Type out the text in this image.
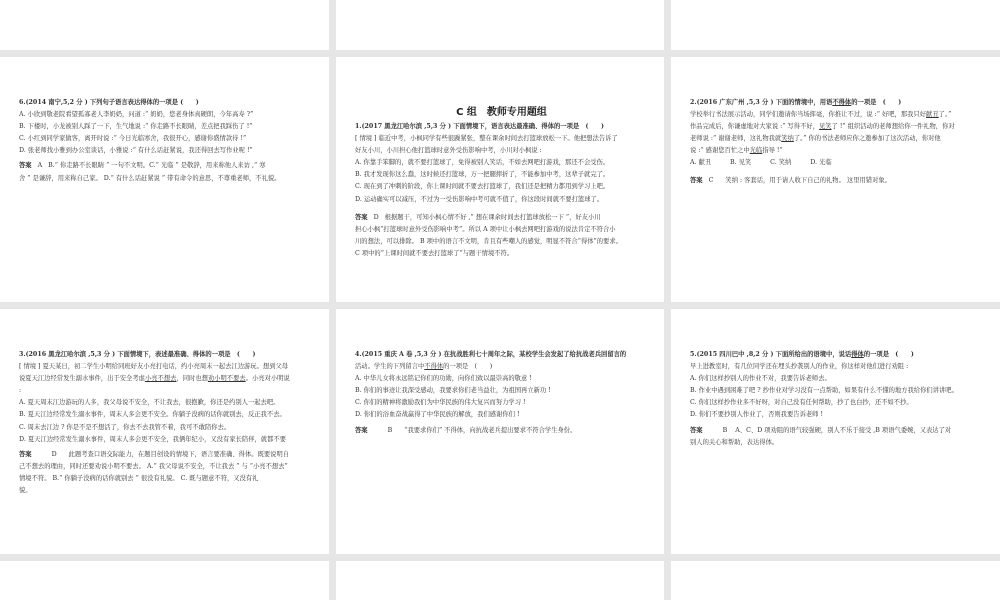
6.(2014 南宁,5,2 分 ) 下列句子语言表达得体的一项是 (　　)

A. 小欣到敬老院看望孤寡老人李奶奶，问道 :“ 奶奶，您老身体真硬朗，今年高寿 ?”

B. 下楼时，小龙被别人踩了一下，生气地说 :“ 你走路不长眼睛，差点把我踩伤了 !”

C. 小红到同学家做客，离开时说 :“ 今日光临寒舍，我很开心，感谢你盛情款待 !”

D. 张老师找小雅到办公室谈话，小雅说 :“ 有什么话赶紧说，我还得回去写作业呢 !”

答案 A B.“ 你走路不长眼睛 ” 一句不文明。C.“ 光临 ” 是敬辞，用来称他人来访 ,“ 寒

舍 ” 是谦辞，用来称自己家。 D.“ 有什么话赶紧说 ” 带有命令的意思，不尊重老师，不礼貌。

C 组　教师专用题组

1.(2017 黑龙江哈尔滨 ,5,3 分 ) 下面情境下，语言表达最准确、得体的一项是　(　　)

[ 情境 ] 临近中考，小枫同学有些很躁紧张，整在课余时间去打篮球放松一下。他把想法告诉了

好友小川，小川担心他打篮球时意外受伤影响中考，小川对小枫说 :

A. 你靠手笨脚的，就不要打篮球了，免得被别人笑话，不如去网吧打游戏，那还不会受伤。

B. 我才发现你这么蠢，这时候还打篮球，万一把腿摔折了，不能参加中考，这辈子就完了。

C. 现在到了冲刺的阶段，你上课时间就不要去打篮球了，我们还是把精力都用到学习上吧。

D. 运动确实可以减压，不过为一受伤影响中考可就不值了，你这段时间就不要打篮球了。

答案 D 根据题干，可知小枫心情不好 ,“ 想在课余时间去打篮球放松一下 ”，好友小川

担心小枫“打篮球时意外受伤影响中考”。所以 A 项中让小枫去网吧打游戏的说法肯定不符合小

川的想法，可以排除。 B 项中的语言不文明，肯且有些嘲人的感觉，明显不符合“得体”的要求。

C 项中的“上课时间就不要去打篮球了”与题干情境不符。

2.(2016 广东广州 ,5,3 分 ) 下面的情境中，用语不得体的一项是　(　　)

学校举行书法展示活动，同学们邀请你当场挥毫，你推让不过，说 :“ 好吧，那我只好献丑了。”

作品完成后，你谦虚地对大家说 :“ 写得不好，见笑了 !” 组织活动的老师想给你一件礼物，你对

老师说 :“ 谢谢老师，这礼物我就笑纳了。” 你的书法老师应你之邀参加了这次活动，你对他

说 :“ 感谢您百忙之中光临指导 !”

A. 献丑　　　B. 见笑　　　C. 笑纳　　　D. 光临

答案 C 笑纳 : 客套话，用于请人收下自己的礼物。 这里用错对象。

3.(2016 黑龙江哈尔滨 ,5,3 分 ) 下面情境下，表述最准确、得体的一项是　(　　)

[ 情境 ] 夏天某日，初二学生小明给同班好友小亮打电话，约小亮周末一起去江边游玩。想到父母

说夏天江边经常发生溺水事件，出于安全考虑小亮不想去，同时也想劝小明不要去。小亮对小明说

:

A. 夏天周末江边游玩的人多，我父母说不安全，不让我去，很抱歉，你还是约别人一起去吧。

B. 夏天江边经常发生溺水事件，周末人多会更不安全。你躺子没病的话你就别去，反正我不去。

C. 周末去江边 ? 你是不是不想活了，你去不去我管不着，我可不敢陪你去。

D. 夏天江边经常发生溺水事件，周末人多会更不安全，我俩年纪小，又没有家长陪伴，就都不要

答案	D 此题考查口语交际能力，在题目创设的情境下，语言要准确、得体。既要说明自

己不想去的理由，同时还要劝说小明不要去。 A.“ 我父母说不安全，不让我去 ” 与 “小亮不想去”

情境不符。 B.“ 你躺子没病的话你就别去 ” 很没有礼貌。 C. 既与题意不符，又没有礼

貌。

4.(2015 重庆 A 卷 ,5,3 分 ) 在抗战胜利七十周年之际，某校学生会发起了给抗战老兵回留言的

活动。学生的下列留言中不得体的一项是　(　　)

A. 中华儿女将永远铭记你们的功勋，向你们致以最崇高的敬意 !

B. 你们的事迹让我深受感动，我要求你们老当益壮，为祖国再立新功 !

C. 你们的精神将激励我们为中华民族的伟大复兴而努力学习 !

D. 你们的浴血奋战赢得了中华民族的解放，我们感谢你们 !

答案	B “我要求你们” 不得体，向抗战老兵提出要求不符合学生身份。

5.(2015 四川巴中 ,8,2 分 ) 下面所给出的语境中，说话得体的一项是　(　　)

早上进教室时，有几位同学还在埋头抄袭别人的作业，你这样对他们进行劝阻 :

A. 你们这样抄别人的作业不对，我要告诉老师去。

B. 作业中遇到困难了吧 ? 抄作业对学习没有一点帮助，如果有什么不懂的地方我给你们讲讲吧。

C. 你们这样抄作业多不好呀，对自己没有任何帮助，抄了也白抄，还不如不抄。

D. 你们不要抄别人作业了，否则我要告诉老师 !

答案	B A、C、D 项劝阻的语气较强硬，别人不乐于接受 ,B 项语气委婉，又表达了对

别人的关心和帮助，表达得体。
